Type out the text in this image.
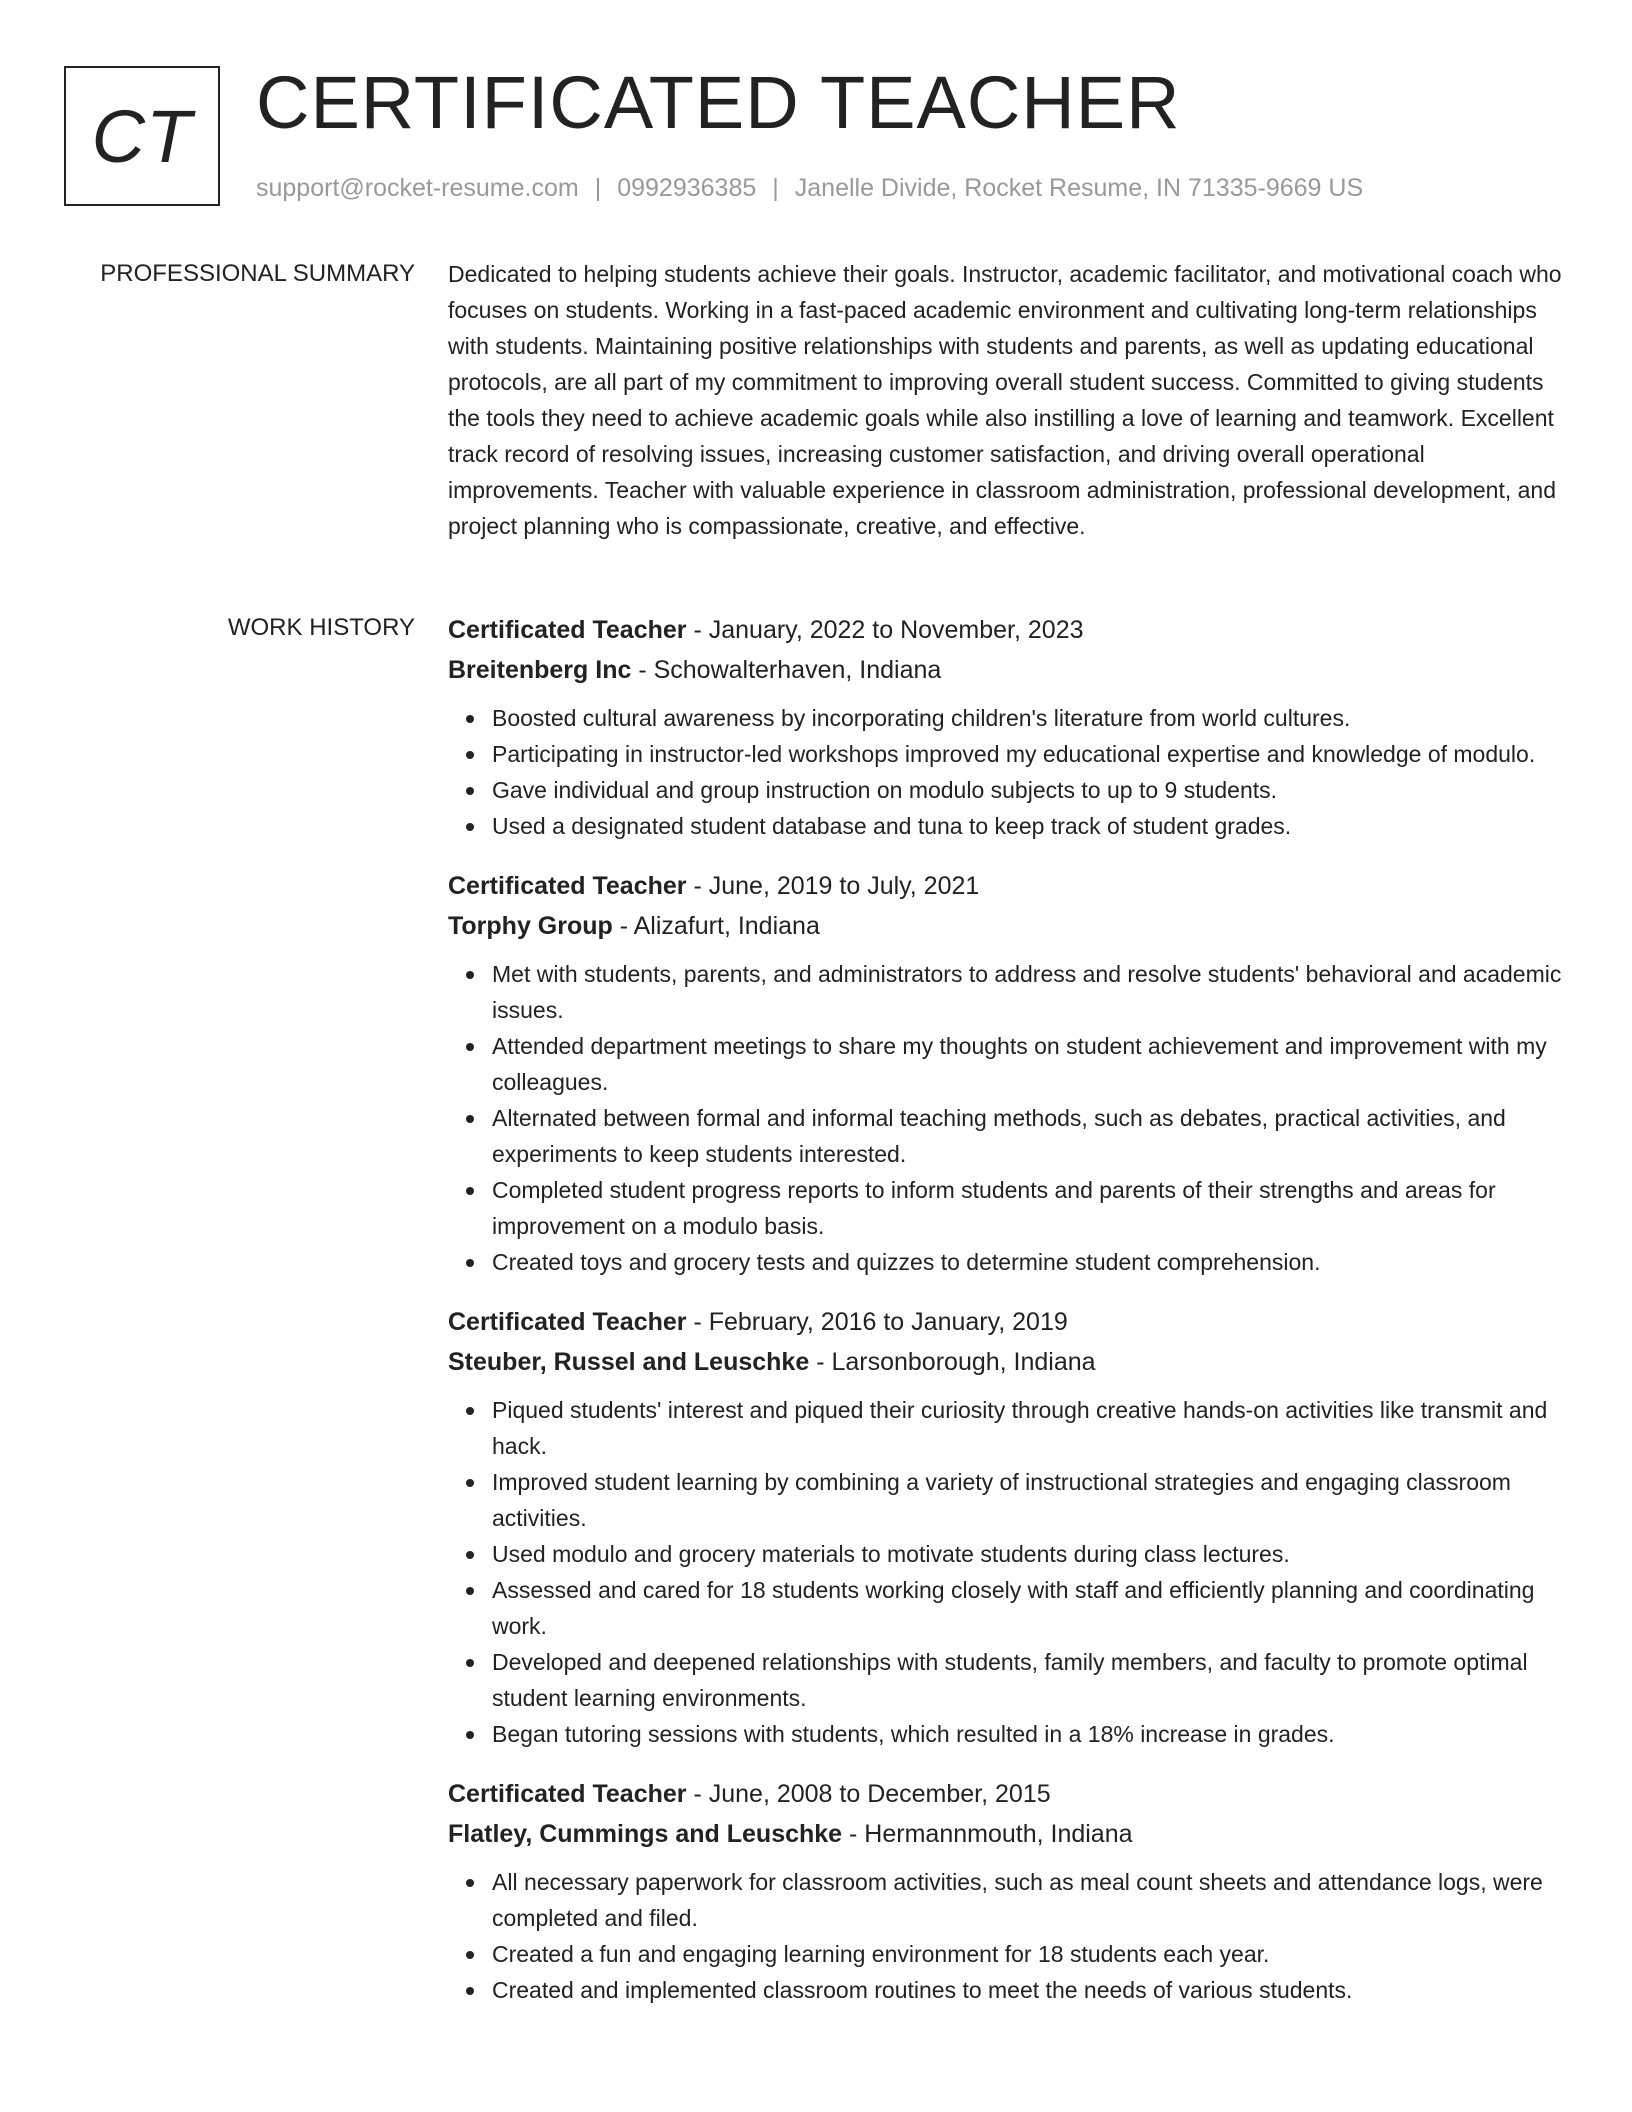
CT CERTIFICATED TEACHER
support@rocket-resume.com | 0992936385 | Janelle Divide, Rocket Resume, IN 71335-9669 US
PROFESSIONAL SUMMARY Dedicated to helping students achieve their goals. Instructor, academic facilitator, and motivational coach who focuses on students. Working in a fast-paced academic environment and cultivating long-term relationships with students. Maintaining positive relationships with students and parents, as well as updating educational protocols, are all part of my commitment to improving overall student success. Committed to giving students the tools they need to achieve academic goals while also instilling a love of learning and teamwork. Excellent track record of resolving issues, increasing customer satisfaction, and driving overall operational improvements. Teacher with valuable experience in classroom administration, professional development, and project planning who is compassionate, creative, and effective.

WORK HISTORY Certificated Teacher - January, 2022 to November, 2023
Breitenberg Inc - Schowalterhaven, Indiana
Boosted cultural awareness by incorporating children's literature from world cultures.
Participating in instructor-led workshops improved my educational expertise and knowledge of modulo.
Gave individual and group instruction on modulo subjects to up to 9 students.
Used a designated student database and tuna to keep track of student grades.
Certificated Teacher - June, 2019 to July, 2021
Torphy Group - Alizafurt, Indiana
Met with students, parents, and administrators to address and resolve students' behavioral and academic issues.
Attended department meetings to share my thoughts on student achievement and improvement with my colleagues.
Alternated between formal and informal teaching methods, such as debates, practical activities, and experiments to keep students interested.
Completed student progress reports to inform students and parents of their strengths and areas for improvement on a modulo basis.
Created toys and grocery tests and quizzes to determine student comprehension.
Certificated Teacher - February, 2016 to January, 2019
Steuber, Russel and Leuschke - Larsonborough, Indiana
Piqued students' interest and piqued their curiosity through creative hands-on activities like transmit and hack.
Improved student learning by combining a variety of instructional strategies and engaging classroom activities.
Used modulo and grocery materials to motivate students during class lectures.
Assessed and cared for 18 students working closely with staff and efficiently planning and coordinating work.
Developed and deepened relationships with students, family members, and faculty to promote optimal student learning environments.
Began tutoring sessions with students, which resulted in a 18% increase in grades.
Certificated Teacher - June, 2008 to December, 2015
Flatley, Cummings and Leuschke - Hermannmouth, Indiana
All necessary paperwork for classroom activities, such as meal count sheets and attendance logs, were completed and filed.
Created a fun and engaging learning environment for 18 students each year.
Created and implemented classroom routines to meet the needs of various students.
